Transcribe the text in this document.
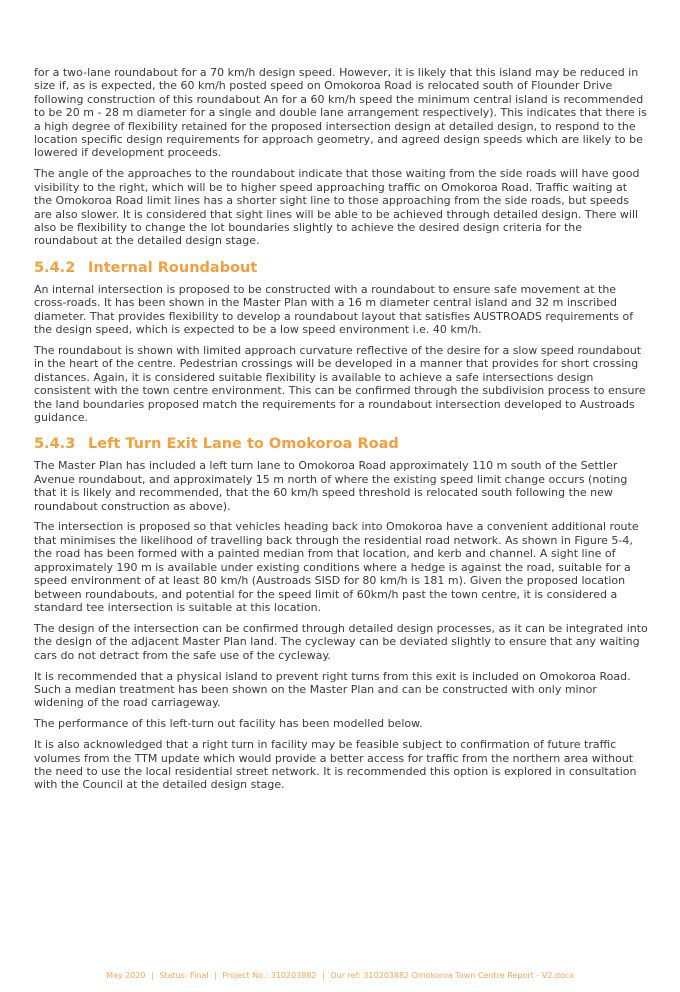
for a two-lane roundabout for a 70 km/h design speed. However, it is likely that this island may be reduced in size if, as is expected, the 60 km/h posted speed on Omokoroa Road is relocated south of Flounder Drive following construction of this roundabout An for a 60 km/h speed the minimum central island is recommended to be 20 m - 28 m diameter for a single and double lane arrangement respectively). This indicates that there is a high degree of flexibility retained for the proposed intersection design at detailed design, to respond to the location specific design requirements for approach geometry, and agreed design speeds which are likely to be lowered if development proceeds.

The angle of the approaches to the roundabout indicate that those waiting from the side roads will have good visibility to the right, which will be to higher speed approaching traffic on Omokoroa Road. Traffic waiting at the Omokoroa Road limit lines has a shorter sight line to those approaching from the side roads, but speeds are also slower. It is considered that sight lines will be able to be achieved through detailed design. There will also be flexibility to change the lot boundaries slightly to achieve the desired design criteria for the roundabout at the detailed design stage.

5.4.2 Internal Roundabout

An internal intersection is proposed to be constructed with a roundabout to ensure safe movement at the cross-roads. It has been shown in the Master Plan with a 16 m diameter central island and 32 m inscribed diameter. That provides flexibility to develop a roundabout layout that satisfies AUSTROADS requirements of the design speed, which is expected to be a low speed environment i.e. 40 km/h.

The roundabout is shown with limited approach curvature reflective of the desire for a slow speed roundabout in the heart of the centre. Pedestrian crossings will be developed in a manner that provides for short crossing distances. Again, it is considered suitable flexibility is available to achieve a safe intersections design consistent with the town centre environment. This can be confirmed through the subdivision process to ensure the land boundaries proposed match the requirements for a roundabout intersection developed to Austroads guidance.

5.4.3 Left Turn Exit Lane to Omokoroa Road

The Master Plan has included a left turn lane to Omokoroa Road approximately 110 m south of the Settler Avenue roundabout, and approximately 15 m north of where the existing speed limit change occurs (noting that it is likely and recommended, that the 60 km/h speed threshold is relocated south following the new roundabout construction as above).

The intersection is proposed so that vehicles heading back into Omokoroa have a convenient additional route that minimises the likelihood of travelling back through the residential road network. As shown in Figure 5-4, the road has been formed with a painted median from that location, and kerb and channel. A sight line of approximately 190 m is available under existing conditions where a hedge is against the road, suitable for a speed environment of at least 80 km/h (Austroads SISD for 80 km/h is 181 m). Given the proposed location between roundabouts, and potential for the speed limit of 60km/h past the town centre, it is considered a standard tee intersection is suitable at this location.

The design of the intersection can be confirmed through detailed design processes, as it can be integrated into the design of the adjacent Master Plan land. The cycleway can be deviated slightly to ensure that any waiting cars do not detract from the safe use of the cycleway.

It is recommended that a physical island to prevent right turns from this exit is included on Omokoroa Road. Such a median treatment has been shown on the Master Plan and can be constructed with only minor widening of the road carriageway.

The performance of this left-turn out facility has been modelled below.

It is also acknowledged that a right turn in facility may be feasible subject to confirmation of future traffic volumes from the TTM update which would provide a better access for traffic from the northern area without the need to use the local residential street network. It is recommended this option is explored in consultation with the Council at the detailed design stage.

May 2020 | Status: Final | Project No.: 310203882 | Our ref: 310203882 Omokoroa Town Centre Report - V2.docx
